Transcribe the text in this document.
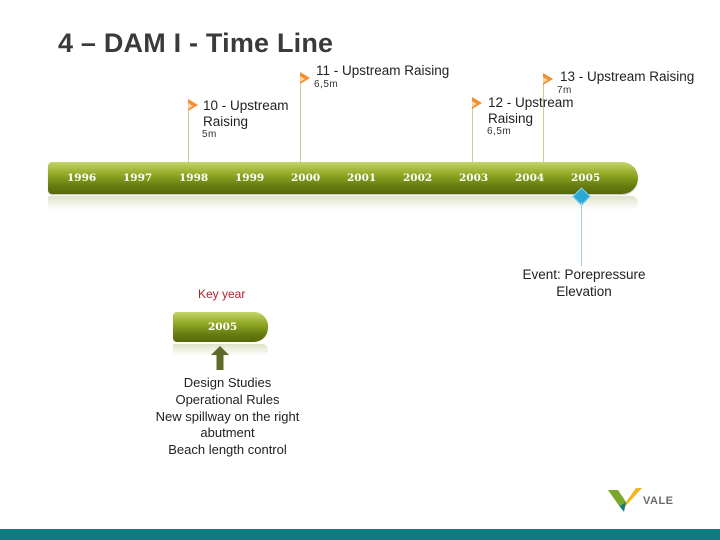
4 – DAM I - Time Line
11 - Upstream Raising
6,5m
13 - Upstream Raising
7m
10 - Upstream
Raising
5m
12 - Upstream
Raising
6,5m
1996	1997	1998	1999	2000	2001	2002	2003	2004	2005
Event: Porepressure
Elevation
Key year
2005
Design Studies
Operational Rules
New spillway on the right
abutment
Beach length control
VALE
